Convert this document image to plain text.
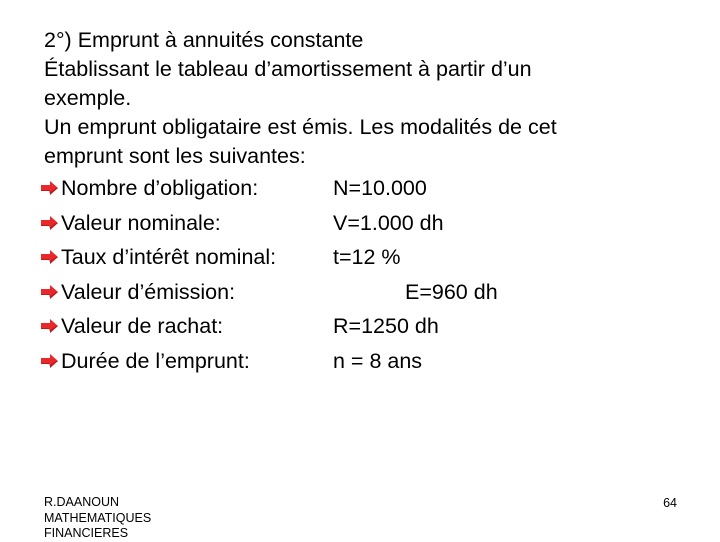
2°) Emprunt à annuités constante

Établissant le tableau d’amortissement à partir d’un

exemple.

Un emprunt obligataire est émis. Les modalités de cet

emprunt sont les suivantes:

Nombre d’obligation:	N=10.000
Valeur nominale:	V=1.000 dh
Taux d’intérêt nominal:	t=12 %
Valeur d’émission:	E=960 dh
Valeur de rachat:	R=1250 dh
Durée de l’emprunt:	n = 8 ans
R.DAANOUN
MATHEMATIQUES
FINANCIERES
64
